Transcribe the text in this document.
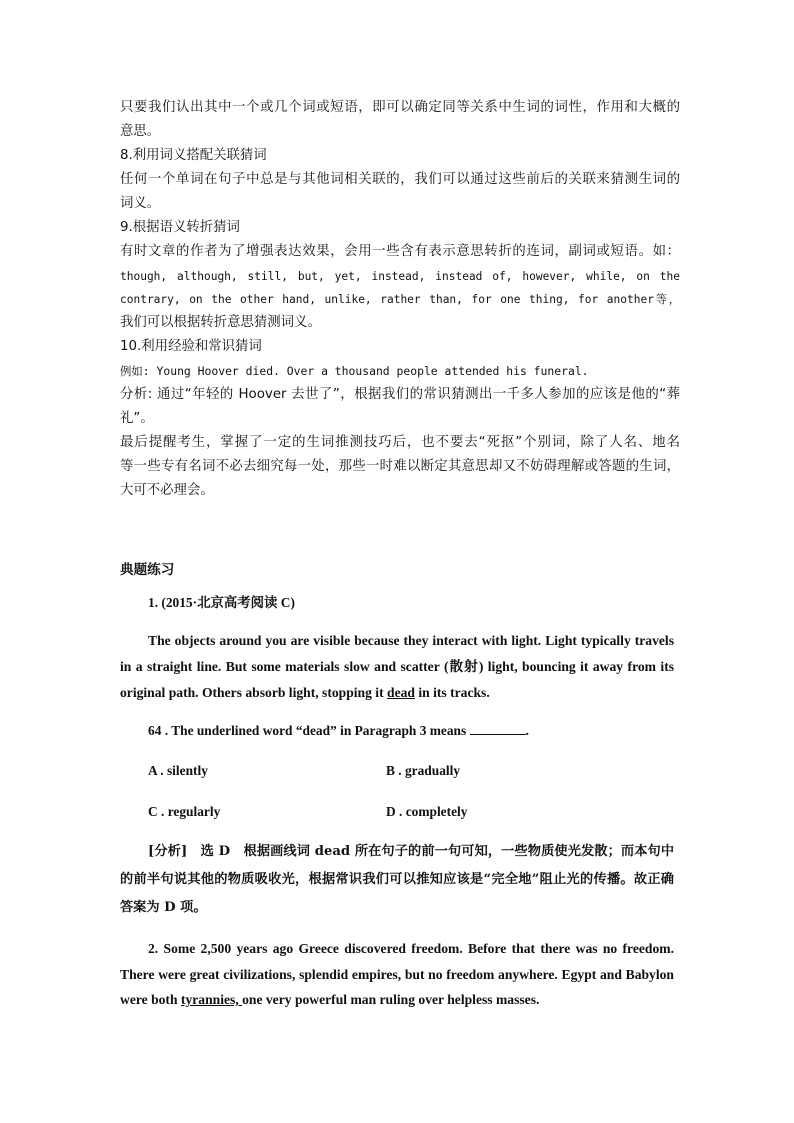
只要我们认出其中一个或几个词或短语，即可以确定同等关系中生词的词性，作用和大概的

意思。

8.利用词义搭配关联猜词

任何一个单词在句子中总是与其他词相关联的，我们可以通过这些前后的关联来猜测生词的

词义。

9.根据语义转折猜词

有时文章的作者为了增强表达效果，会用一些含有表示意思转折的连词，副词或短语。如：

though, although, still, but, yet, instead, instead of, however, while, on the

contrary, on the other hand, unlike, rather than, for one thing, for another等，

我们可以根据转折意思猜测词义。

10.利用经验和常识猜词

例如: Young Hoover died. Over a thousand people attended his funeral.

分析: 通过“年轻的 Hoover 去世了”，根据我们的常识猜测出一千多人参加的应该是他的“葬

礼”。

最后提醒考生，掌握了一定的生词推测技巧后，也不要去“死抠”个别词，除了人名、地名

等一些专有名词不必去细究每一处，那些一时难以断定其意思却又不妨碍理解或答题的生词，

大可不必理会。

典题练习

1. (2015·北京高考阅读 C)

The objects around you are visible because they interact with light. Light typically travels in a straight line. But some materials slow and scatter (散射) light, bouncing it away from its original path. Others absorb light, stopping it dead in its tracks.

64 . The underlined word “dead” in Paragraph 3 means	.

A . silently	B . gradually

C . regularly	D . completely

[分析]　 选 D　 根据画线词 dead 所在句子的前一句可知，一些物质使光发散；而本句中的前半句说其他的物质吸收光，根据常识我们可以推知应该是“完全地”阻止光的传播。故正确答案为 D 项。

2. Some 2,500 years ago Greece discovered freedom. Before that there was no freedom. There were great civilizations, splendid empires, but no freedom anywhere. Egypt and Babylon were both tyrannies, one very powerful man ruling over helpless masses.
